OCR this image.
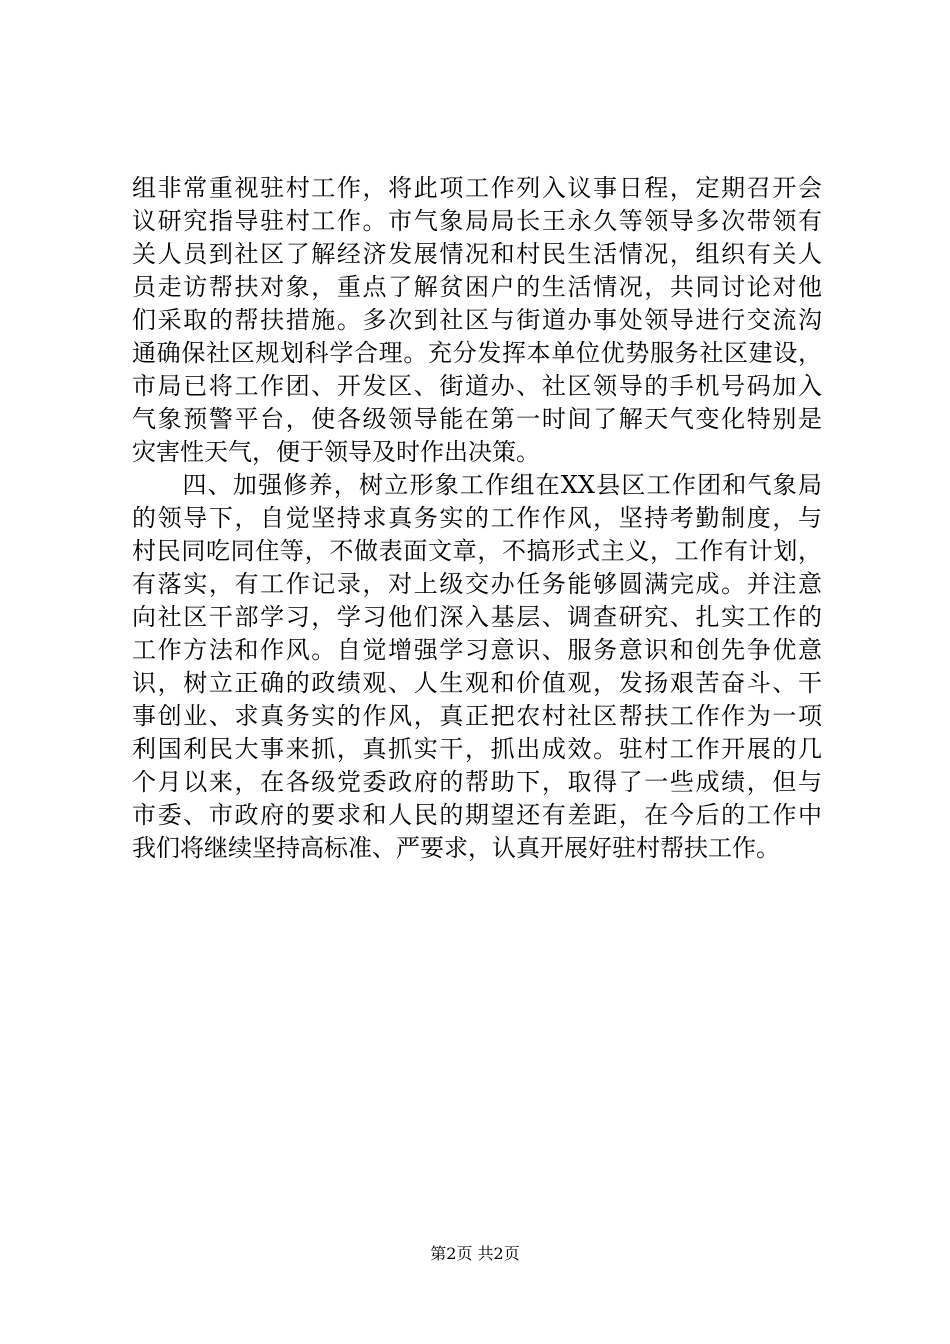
组非常重视驻村工作，将此项工作列入议事日程，定期召开会
议研究指导驻村工作。市气象局局长王永久等领导多次带领有
关人员到社区了解经济发展情况和村民生活情况，组织有关人
员走访帮扶对象，重点了解贫困户的生活情况，共同讨论对他
们采取的帮扶措施。多次到社区与街道办事处领导进行交流沟
通确保社区规划科学合理。充分发挥本单位优势服务社区建设，
市局已将工作团、开发区、街道办、社区领导的手机号码加入
气象预警平台，使各级领导能在第一时间了解天气变化特别是
灾害性天气，便于领导及时作出决策。
　　四、加强修养，树立形象工作组在XX县区工作团和气象局
的领导下，自觉坚持求真务实的工作作风，坚持考勤制度，与
村民同吃同住等，不做表面文章，不搞形式主义，工作有计划，
有落实，有工作记录，对上级交办任务能够圆满完成。并注意
向社区干部学习，学习他们深入基层、调查研究、扎实工作的
工作方法和作风。自觉增强学习意识、服务意识和创先争优意
识，树立正确的政绩观、人生观和价值观，发扬艰苦奋斗、干
事创业、求真务实的作风，真正把农村社区帮扶工作作为一项
利国利民大事来抓，真抓实干，抓出成效。驻村工作开展的几
个月以来，在各级党委政府的帮助下，取得了一些成绩，但与
市委、市政府的要求和人民的期望还有差距，在今后的工作中
我们将继续坚持高标准、严要求，认真开展好驻村帮扶工作。
第2页 共2页
